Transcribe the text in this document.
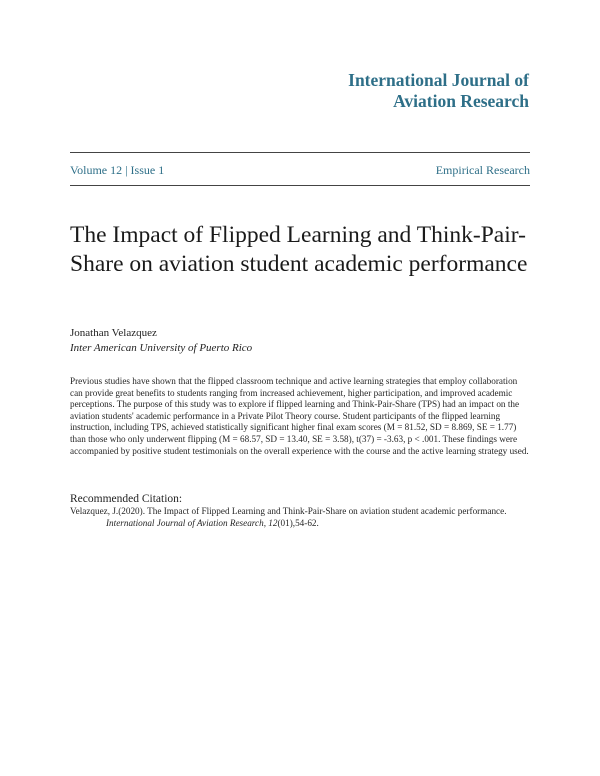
International Journal of
Aviation Research
Volume 12 | Issue 1	Empirical Research
The Impact of Flipped Learning and Think-Pair-Share on aviation student academic performance
Jonathan Velazquez
Inter American University of Puerto Rico

Previous studies have shown that the flipped classroom technique and active learning strategies that employ collaboration can provide great benefits to students ranging from increased achievement, higher participation, and improved academic perceptions. The purpose of this study was to explore if flipped learning and Think-Pair-Share (TPS) had an impact on the aviation students' academic performance in a Private Pilot Theory course. Student participants of the flipped learning instruction, including TPS, achieved statistically significant higher final exam scores (M = 81.52, SD = 8.869, SE = 1.77) than those who only underwent flipping (M = 68.57, SD = 13.40, SE = 3.58), t(37) = -3.63, p < .001. These findings were accompanied by positive student testimonials on the overall experience with the course and the active learning strategy used.

Recommended Citation:

Velazquez, J.(2020). The Impact of Flipped Learning and Think-Pair-Share on aviation student academic performance. International Journal of Aviation Research, 12(01),54-62.
